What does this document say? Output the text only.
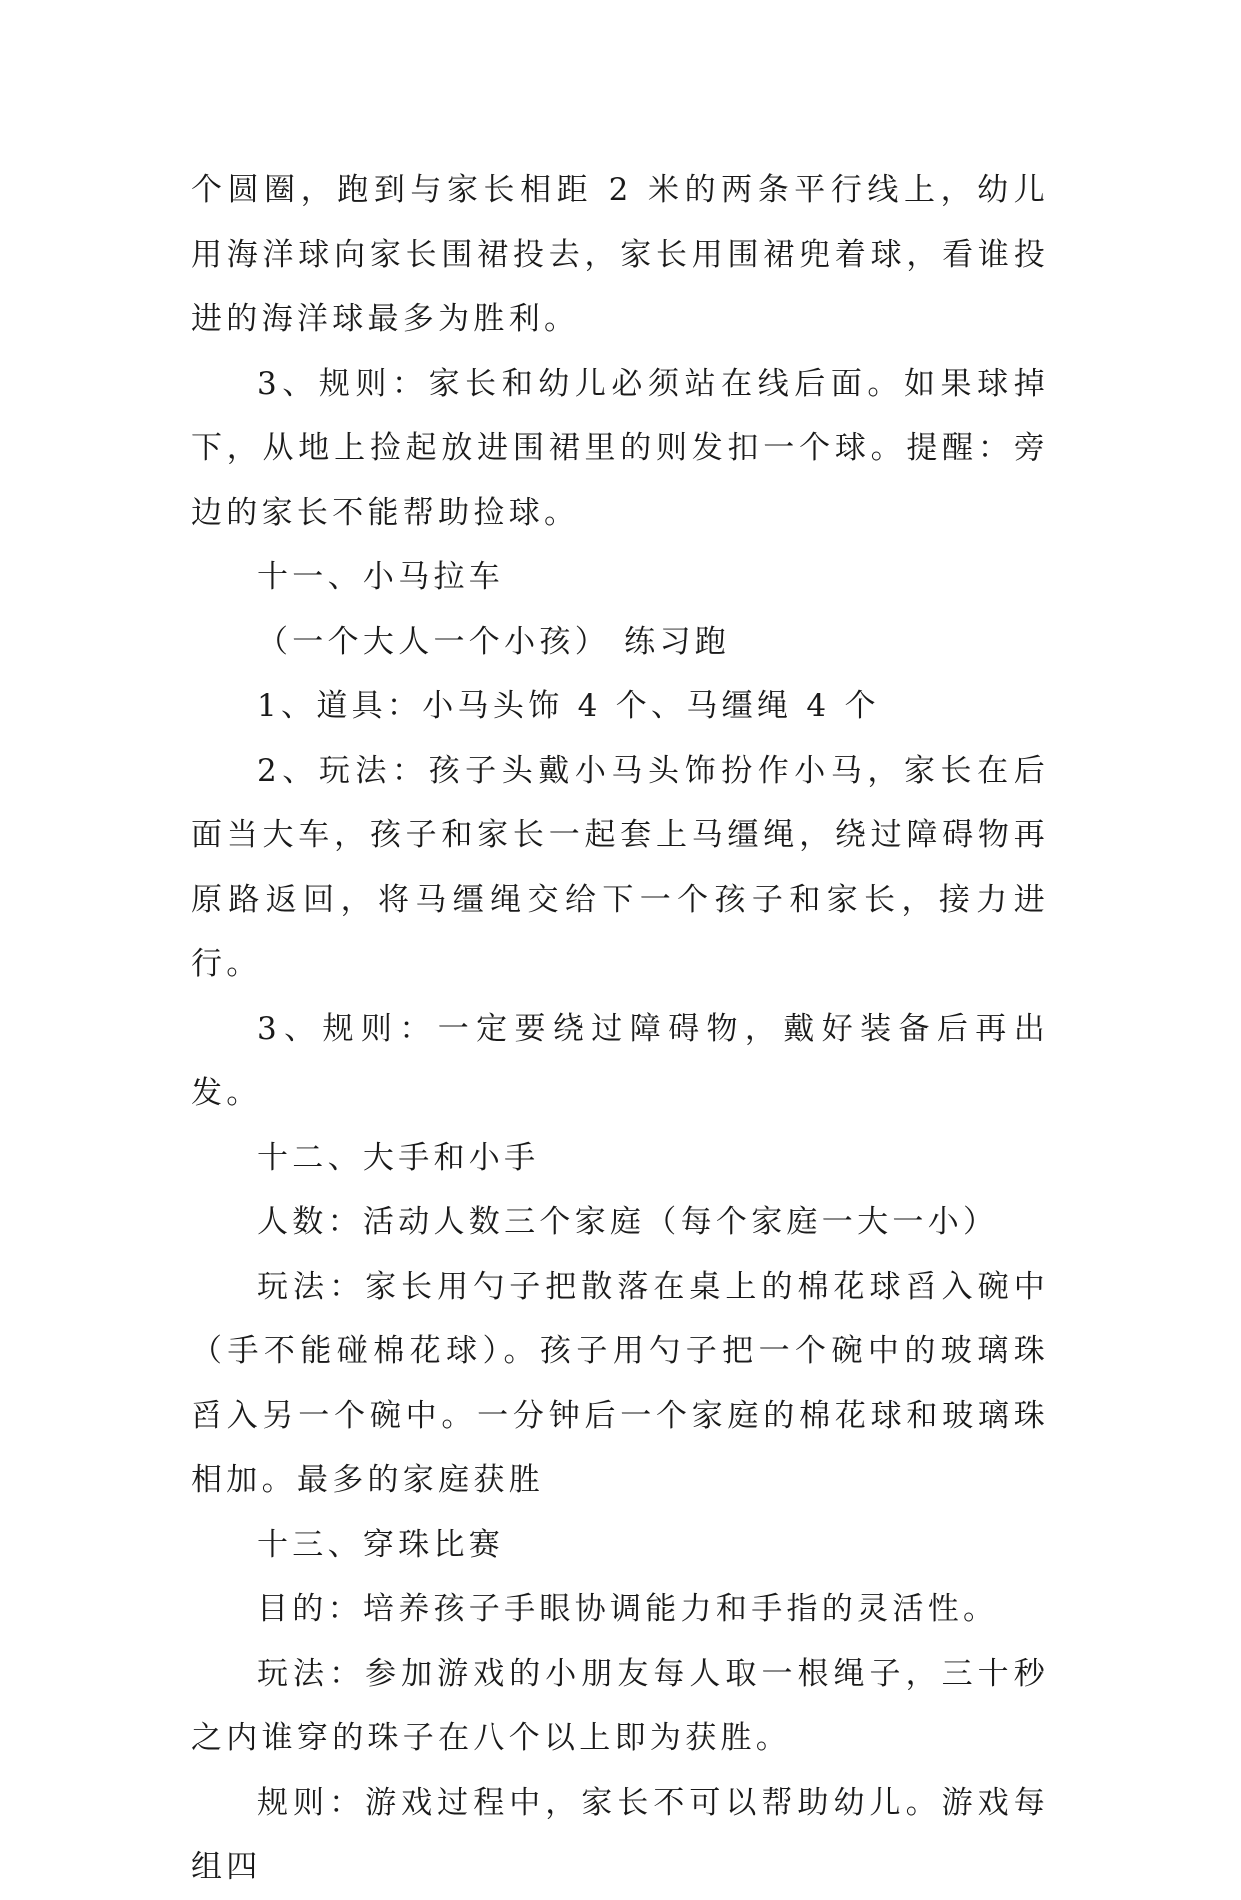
个圆圈，跑到与家长相距 2 米的两条平行线上，幼儿用海洋球向家长围裙投去，家长用围裙兜着球，看谁投进的海洋球最多为胜利。

3、规则：家长和幼儿必须站在线后面。如果球掉下，从地上捡起放进围裙里的则发扣一个球。提醒：旁边的家长不能帮助捡球。

十一、小马拉车

（一个大人一个小孩） 练习跑

1、道具：小马头饰 4 个、马缰绳 4 个

2、玩法：孩子头戴小马头饰扮作小马，家长在后面当大车，孩子和家长一起套上马缰绳，绕过障碍物再原路返回，将马缰绳交给下一个孩子和家长，接力进行。

3、规则：一定要绕过障碍物，戴好装备后再出发。

十二、大手和小手

人数：活动人数三个家庭（每个家庭一大一小）

玩法：家长用勺子把散落在桌上的棉花球舀入碗中（手不能碰棉花球）。孩子用勺子把一个碗中的玻璃珠舀入另一个碗中。一分钟后一个家庭的棉花球和玻璃珠相加。最多的家庭获胜

十三、穿珠比赛

目的：培养孩子手眼协调能力和手指的灵活性。

玩法：参加游戏的小朋友每人取一根绳子，三十秒之内谁穿的珠子在八个以上即为获胜。

规则：游戏过程中，家长不可以帮助幼儿。游戏每组四
